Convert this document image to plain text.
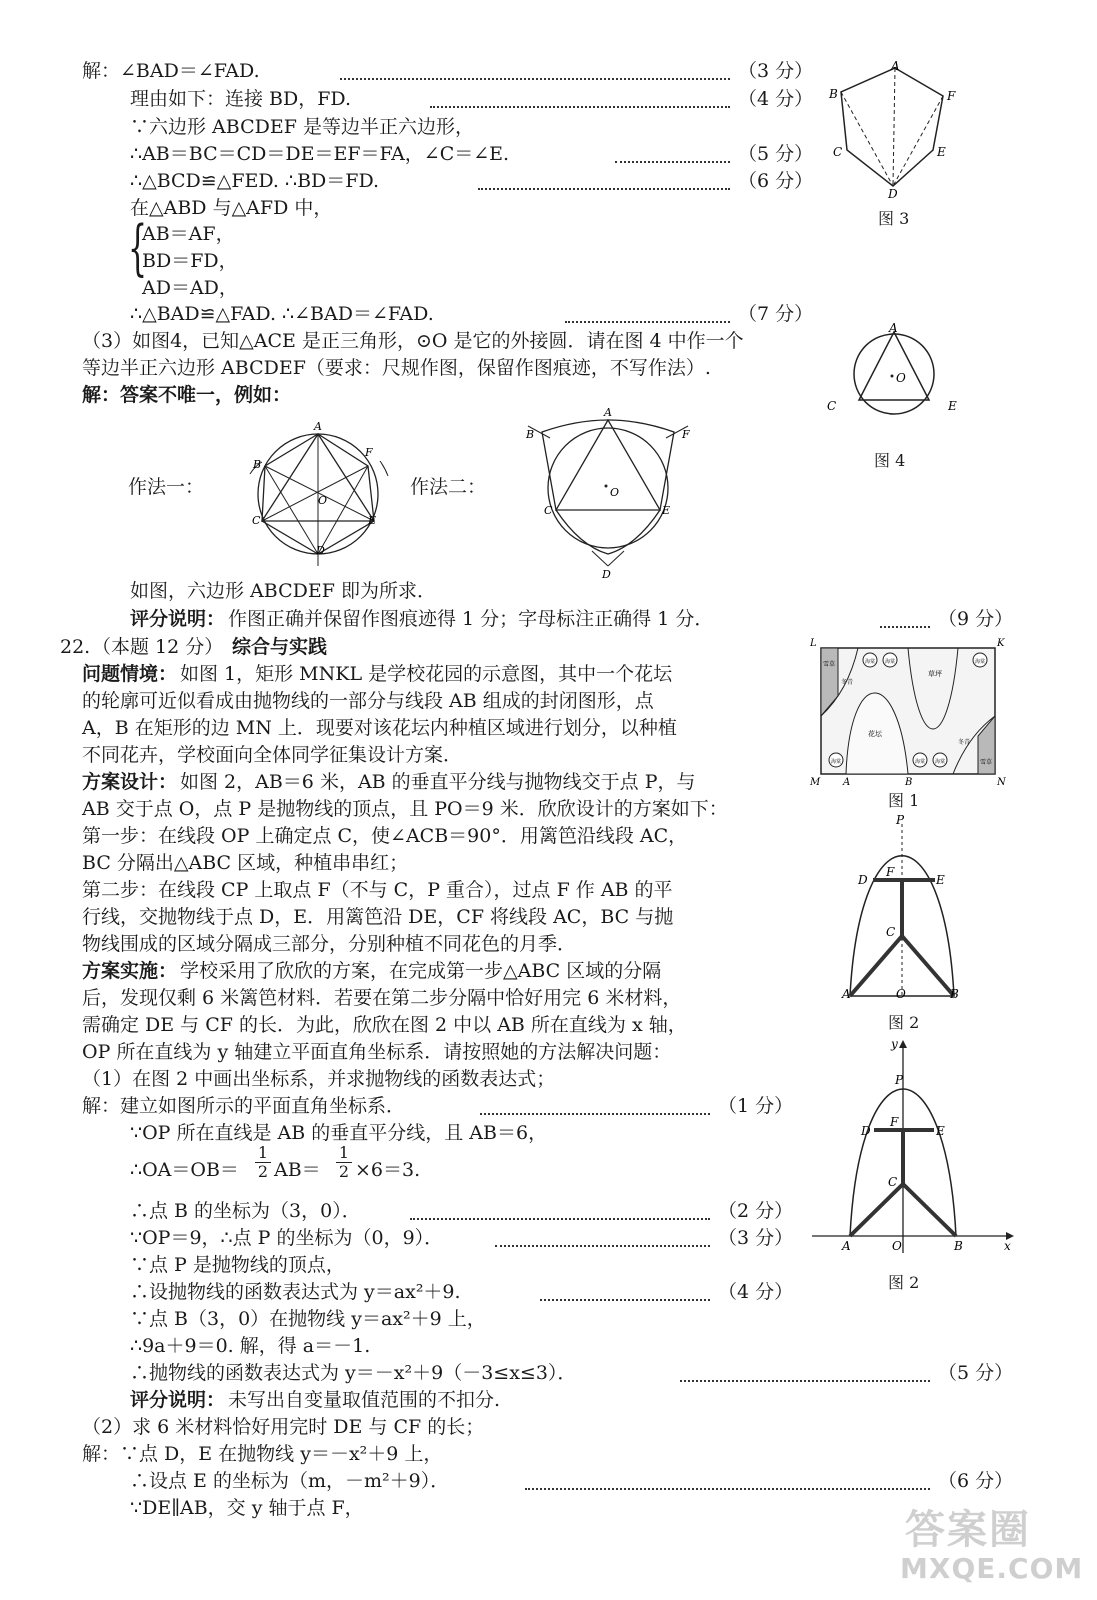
解：∠BAD＝∠FAD.	（3 分）
理由如下：连接 BD，FD.	（4 分）
∵六边形 ABCDEF 是等边半正六边形，
∴AB＝BC＝CD＝DE＝EF＝FA，∠C＝∠E.	（5 分）
∴△BCD≌△FED. ∴BD＝FD.	（6 分）
在△ABD 与△AFD 中，
{
AB＝AF，
BD＝FD，
AD＝AD，
∴△BAD≌△FAD. ∴∠BAD＝∠FAD.	（7 分）
（3）如图4，已知△ACE 是正三角形，⊙O 是它的外接圆．请在图 4 中作一个
等边半正六边形 ABCDEF（要求：尺规作图，保留作图痕迹，不写作法）.
解：答案不唯一，例如：
作法一：	作法二：
如图，六边形 ABCDEF 即为所求．
评分说明： 作图正确并保留作图痕迹得 1 分；字母标注正确得 1 分．	（9 分）
A
B	F
C	E
D
图 3
O
A
C	E
图 4
A
B
F
C	E
O
D
A
B	F
C	E
O
D
22. （本题 12 分） 综合与实践
问题情境： 如图 1，矩形 MNKL 是学校花园的示意图，其中一个花坛
的轮廓可近似看成由抛物线的一部分与线段 AB 组成的封闭图形，点
A，B 在矩形的边 MN 上．现要对该花坛内种植区域进行划分，以种植
不同花卉，学校面向全体同学征集设计方案．
方案设计： 如图 2，AB＝6 米，AB 的垂直平分线与抛物线交于点 P，与
AB 交于点 O，点 P 是抛物线的顶点，且 PO＝9 米．欣欣设计的方案如下：
第一步：在线段 OP 上确定点 C，使∠ACB＝90°．用篱笆沿线段 AC，
BC 分隔出△ABC 区域，种植串串红；
第二步：在线段 CP 上取点 F（不与 C，P 重合），过点 F 作 AB 的平
行线，交抛物线于点 D，E．用篱笆沿 DE，CF 将线段 AC，BC 与抛
物线围成的区域分隔成三部分，分别种植不同花色的月季．
方案实施： 学校采用了欣欣的方案，在完成第一步△ABC 区域的分隔
后，发现仅剩 6 米篱笆材料．若要在第二步分隔中恰好用完 6 米材料，
需确定 DE 与 CF 的长．为此，欣欣在图 2 中以 AB 所在直线为 x 轴，
OP 所在直线为 y 轴建立平面直角坐标系．请按照她的方法解决问题：
（1）在图 2 中画出坐标系，并求抛物线的函数表达式；
解：建立如图所示的平面直角坐标系．	（1 分）
∵OP 所在直线是 AB 的垂直平分线，且 AB＝6，
∴OA＝OB＝ $\frac{1}{2} AB= \frac{1}{2} \times 6=3$.
∴点 B 的坐标为（3，0）．	（2 分）
∵OP＝9，∴点 P 的坐标为（0，9）．	（3 分）
∵点 P 是抛物线的顶点，
∴设抛物线的函数表达式为 y＝ax²＋9.	（4 分）
∵点 B（3，0）在抛物线 y＝ax²＋9 上，
∴9a＋9＝0. 解，得 a＝－1.
∴抛物线的函数表达式为 y＝－x²＋9（－3≤x≤3）．	（5 分）
评分说明： 未写出自变量取值范围的不扣分.
（2）求 6 米材料恰好用完时 DE 与 CF 的长；
解：∵点 D，E 在抛物线 y＝－x²＋9 上，
∴设点 E 的坐标为（m，－m²＋9）．	（6 分）
∵DE∥AB，交 y 轴于点 F，
L	K
M	N
A	B
海棠 海棠	海棠
海棠	海棠 海棠
雪草
雪草
冬青
冬青
草坪
花坛
图 1
P
D
F
E
C
A	O	B
图 2
y
x
P
D
F
E
C
A	O	B
图 2
答案圈
MXQE.COM
